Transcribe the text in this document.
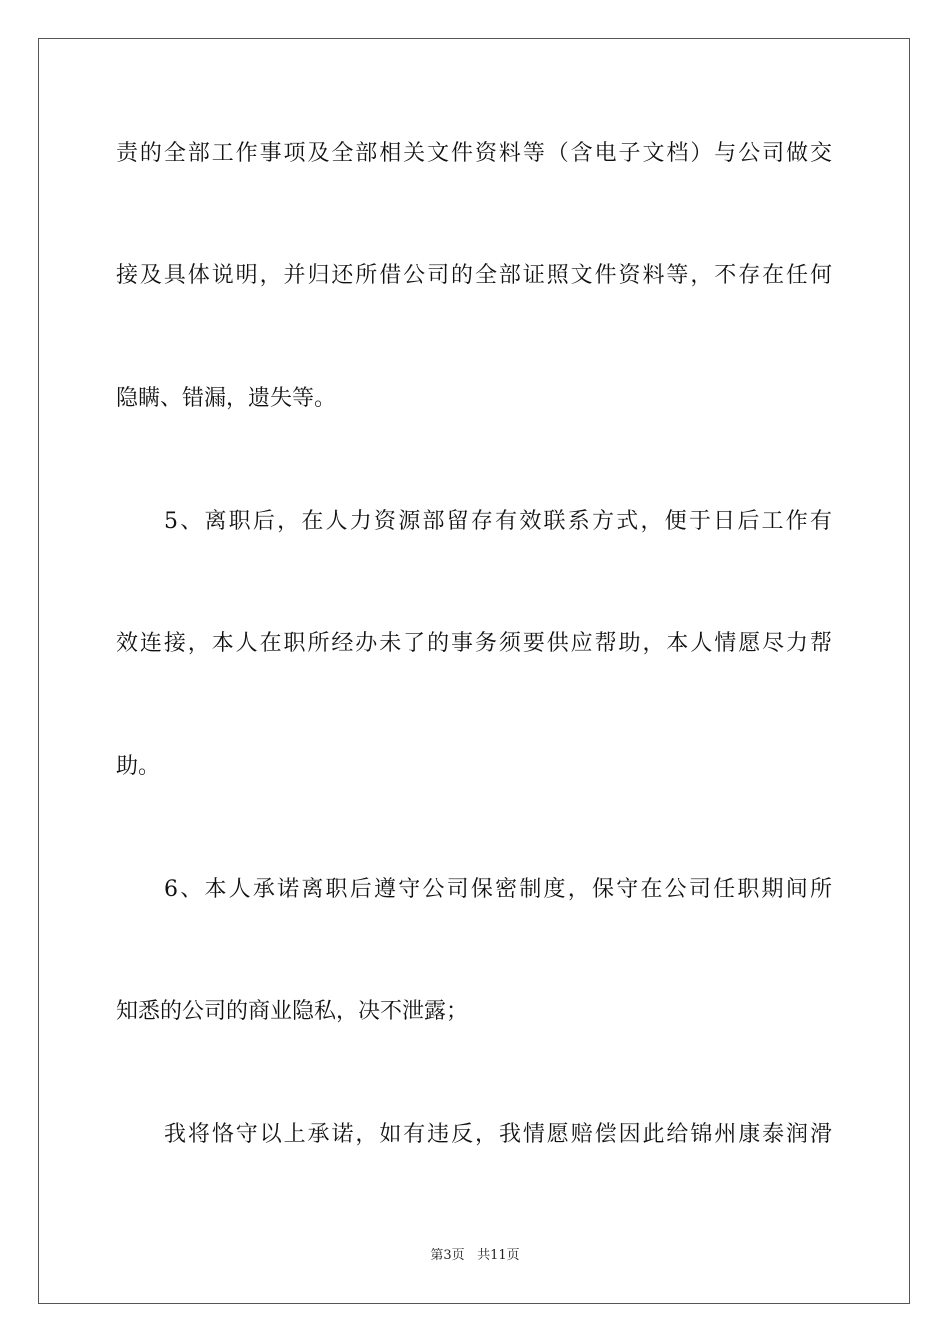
责的全部工作事项及全部相关文件资料等（含电子文档）与公司做交
接及具体说明，并归还所借公司的全部证照文件资料等，不存在任何
隐瞒、错漏，遗失等。
5、离职后，在人力资源部留存有效联系方式，便于日后工作有
效连接，本人在职所经办未了的事务须要供应帮助，本人情愿尽力帮
助。
6、本人承诺离职后遵守公司保密制度，保守在公司任职期间所
知悉的公司的商业隐私，决不泄露；
我将恪守以上承诺，如有违反，我情愿赔偿因此给锦州康泰润滑
第3页 共11页
